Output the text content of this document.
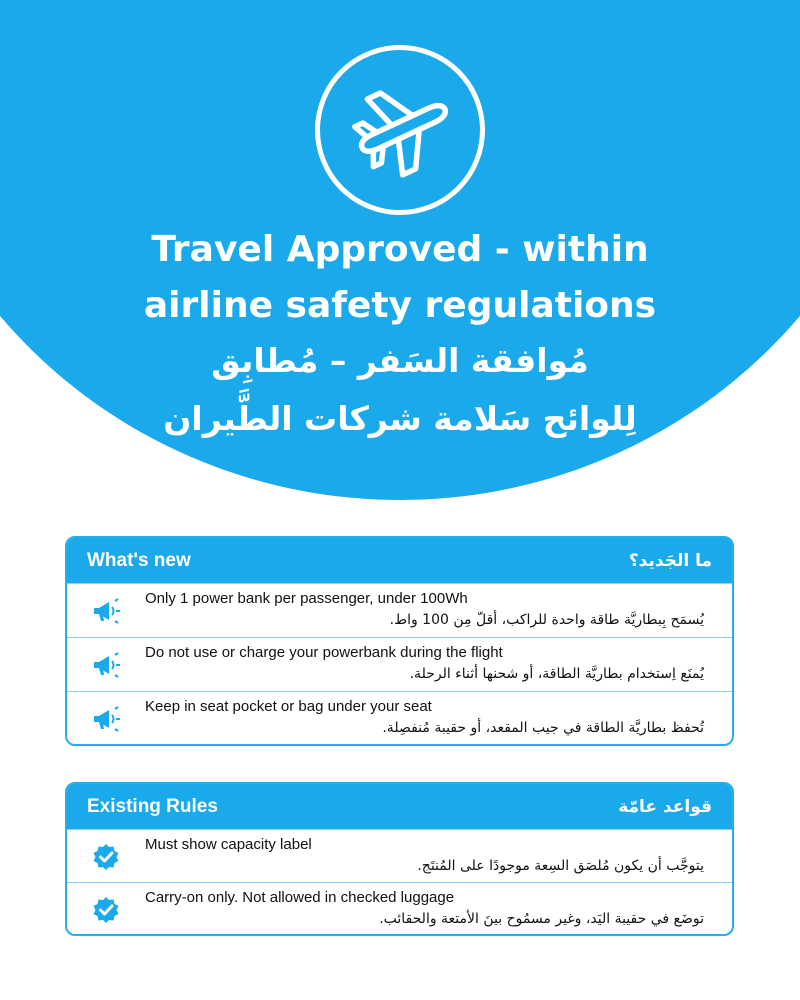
Travel Approved - within
airline safety regulations
مُوافقة السَفر – مُطابِق
لِلوائح سَلامة شركات الطَّيران
What's new	ما الجَديد؟
Only 1 power bank per passenger, under 100Wh
يُسمَح بِبطاريَّة طاقة واحدة للراكب، أقلّ مِن 100 واط.
Do not use or charge your powerbank during the flight
يُمنَع اِستخدام بطاريَّة الطاقة، أو شحنها أثناء الرحلة.
Keep in seat pocket or bag under your seat
تُحفظ بطاريَّة الطاقة في جيب المقعد، أو حقيبة مُنفصِلة.
Existing Rules	قواعد عامّة
Must show capacity label
يتوجَّب أن يكون مُلصَق السِعة موجودًا على المُنتَج.
Carry-on only. Not allowed in checked luggage
توضَع في حقيبة اليَد، وغير مسمُوح بينَ الأمتعة والحقائب.
